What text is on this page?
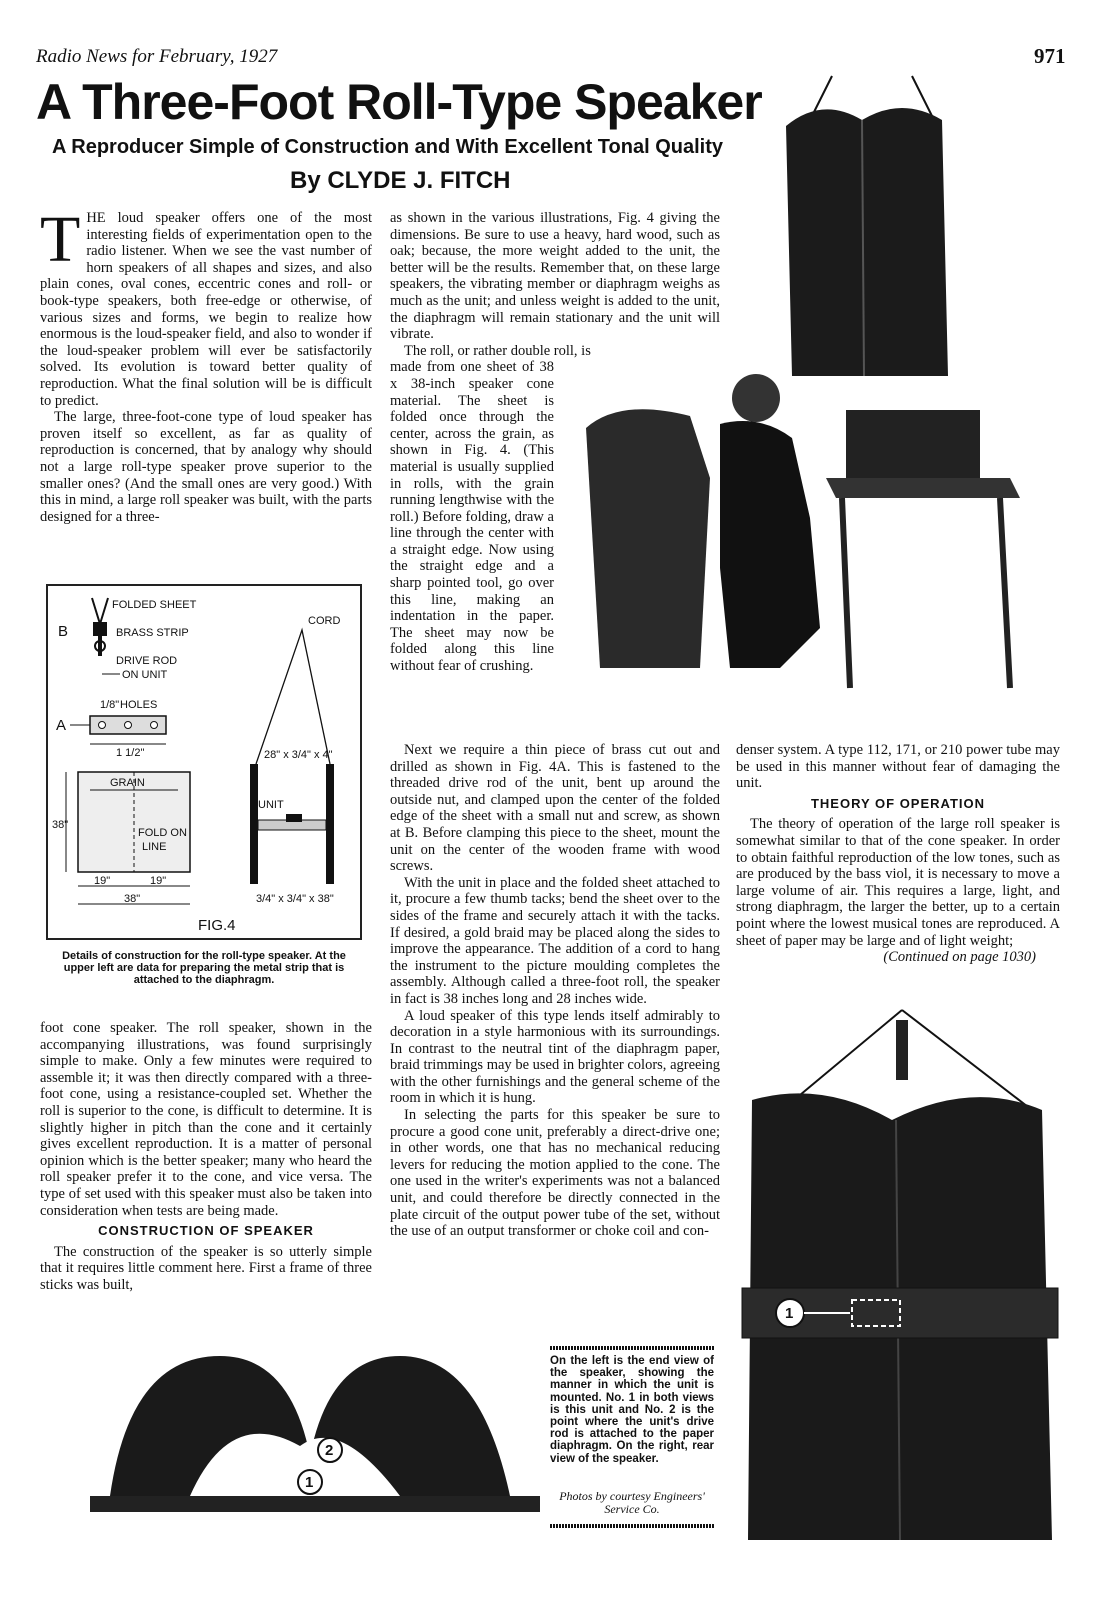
Radio News for February, 1927	971
A Three-Foot Roll-Type Speaker
A Reproducer Simple of Construction and With Excellent Tonal Quality
By CLYDE J. FITCH

THE loud speaker offers one of the most interesting fields of experimentation open to the radio listener. When we see the vast number of horn speakers of all shapes and sizes, and also plain cones, oval cones, eccentric cones and roll- or book-type speakers, both free-edge or otherwise, of various sizes and forms, we begin to realize how enormous is the loud-speaker field, and also to wonder if the loud-speaker problem will ever be satisfactorily solved. Its evolution is toward better quality of reproduction. What the final solution will be is difficult to predict.

The large, three-foot-cone type of loud speaker has proven itself so excellent, as far as quality of reproduction is concerned, that by analogy why should not a large roll-type speaker prove superior to the smaller ones? (And the small ones are very good.) With this in mind, a large roll speaker was built, with the parts designed for a three-

FOLDED SHEET
BRASS STRIP
B
DRIVE ROD
ON UNIT
1/8" HOLES
A
1 1/2"
GRAIN
FOLD ON
LINE
38"
19"	19"
38"
CORD
28" x 3/4" x 4"
UNIT
3/4" x 3/4" x 38"
FIG.4
Details of construction for the roll-type speaker. At the upper left are data for preparing the metal strip that is attached to the diaphragm.

foot cone speaker. The roll speaker, shown in the accompanying illustrations, was found surprisingly simple to make. Only a few minutes were required to assemble it; it was then directly compared with a three-foot cone, using a resistance-coupled set. Whether the roll is superior to the cone, is difficult to determine. It is slightly higher in pitch than the cone and it certainly gives excellent reproduction. It is a matter of personal opinion which is the better speaker; many who heard the roll speaker prefer it to the cone, and vice versa. The type of set used with this speaker must also be taken into consideration when tests are being made.

CONSTRUCTION OF SPEAKER

The construction of the speaker is so utterly simple that it requires little comment here. First a frame of three sticks was built,

as shown in the various illustrations, Fig. 4 giving the dimensions. Be sure to use a heavy, hard wood, such as oak; because, the more weight added to the unit, the better will be the results. Remember that, on these large speakers, the vibrating member or diaphragm weighs as much as the unit; and unless weight is added to the unit, the diaphragm will remain stationary and the unit will vibrate.

The roll, or rather double roll, is

made from one sheet of 38 x 38-inch speaker cone material. The sheet is folded once through the center, across the grain, as shown in Fig. 4. (This material is usually supplied in rolls, with the grain running lengthwise with the roll.) Before folding, draw a line through the center with a straight edge. Now using the straight edge and a sharp pointed tool, go over this line, making an indentation in the paper. The sheet may now be folded along this line without fear of crushing.

Next we require a thin piece of brass cut out and drilled as shown in Fig. 4A. This is fastened to the threaded drive rod of the unit, bent up around the outside nut, and clamped upon the center of the folded edge of the sheet with a small nut and screw, as shown at B. Before clamping this piece to the sheet, mount the unit on the center of the wooden frame with wood screws.

With the unit in place and the folded sheet attached to it, procure a few thumb tacks; bend the sheet over to the sides of the frame and securely attach it with the tacks. If desired, a gold braid may be placed along the sides to improve the appearance. The addition of a cord to hang the instrument to the picture moulding completes the assembly. Although called a three-foot roll, the speaker in fact is 38 inches long and 28 inches wide.

A loud speaker of this type lends itself admirably to decoration in a style harmonious with its surroundings. In contrast to the neutral tint of the diaphragm paper, braid trimmings may be used in brighter colors, agreeing with the other furnishings and the general scheme of the room in which it is hung.

In selecting the parts for this speaker be sure to procure a good cone unit, preferably a direct-drive one; in other words, one that has no mechanical reducing levers for reducing the motion applied to the cone. The one used in the writer's experiments was not a balanced unit, and could therefore be directly connected in the plate circuit of the output power tube of the set, without the use of an output transformer or choke coil and con-

denser system. A type 112, 171, or 210 power tube may be used in this manner without fear of damaging the unit.

THEORY OF OPERATION

The theory of operation of the large roll speaker is somewhat similar to that of the cone speaker. In order to obtain faithful reproduction of the low tones, such as are produced by the bass viol, it is necessary to move a large volume of air. This requires a large, light, and strong diaphragm, the larger the better, up to a certain point where the lowest musical tones are reproduced. A sheet of paper may be large and of light weight;

(Continued on page 1030)

2
1
On the left is the end view of the speaker, showing the manner in which the unit is mounted. No. 1 in both views is this unit and No. 2 is the point where the unit's drive rod is attached to the paper diaphragm. On the right, rear view of the speaker.
Photos by courtesy Engineers' Service Co.
1
